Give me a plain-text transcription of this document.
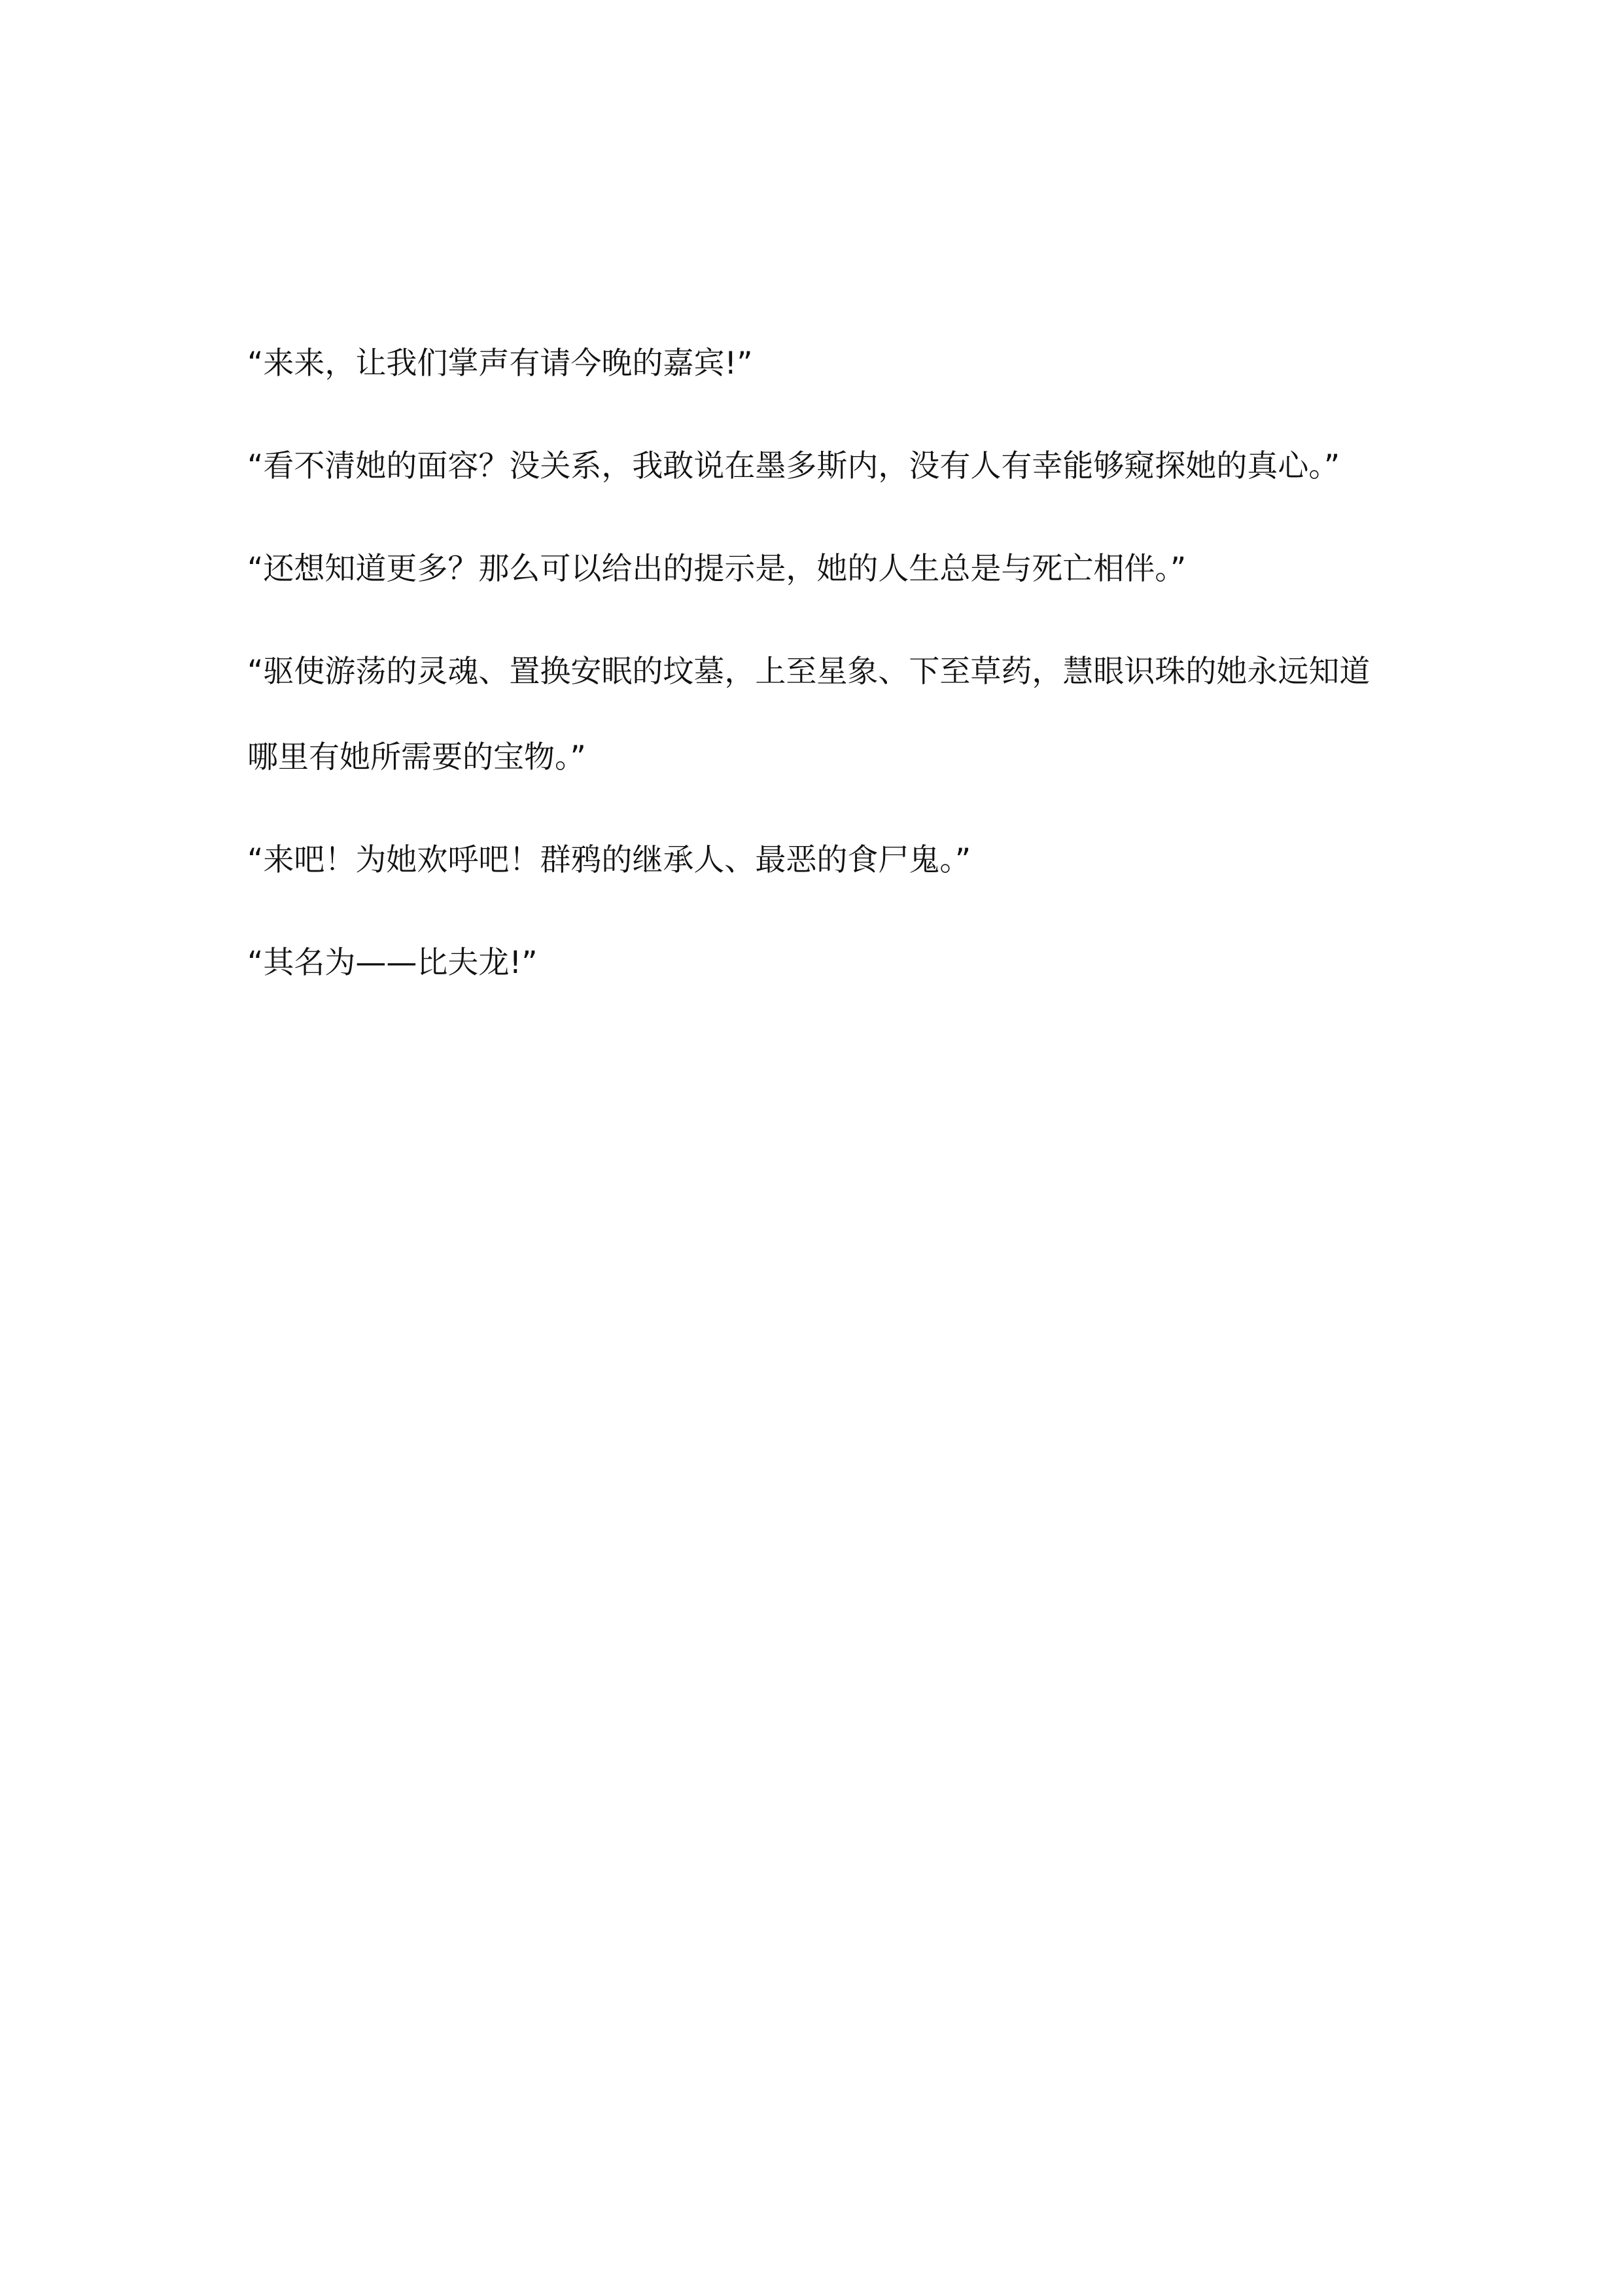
“来来，让我们掌声有请今晚的嘉宾!”

“看不清她的面容？没关系，我敢说在墨多斯内，没有人有幸能够窥探她的真心。”

“还想知道更多？那么可以给出的提示是，她的人生总是与死亡相伴。”

“驱使游荡的灵魂、置换安眠的坟墓，上至星象、下至草药，慧眼识珠的她永远知道哪里有她所需要的宝物。”

“来吧！为她欢呼吧！群鸦的继承人、最恶的食尸鬼。”

“其名为——比夫龙!”
